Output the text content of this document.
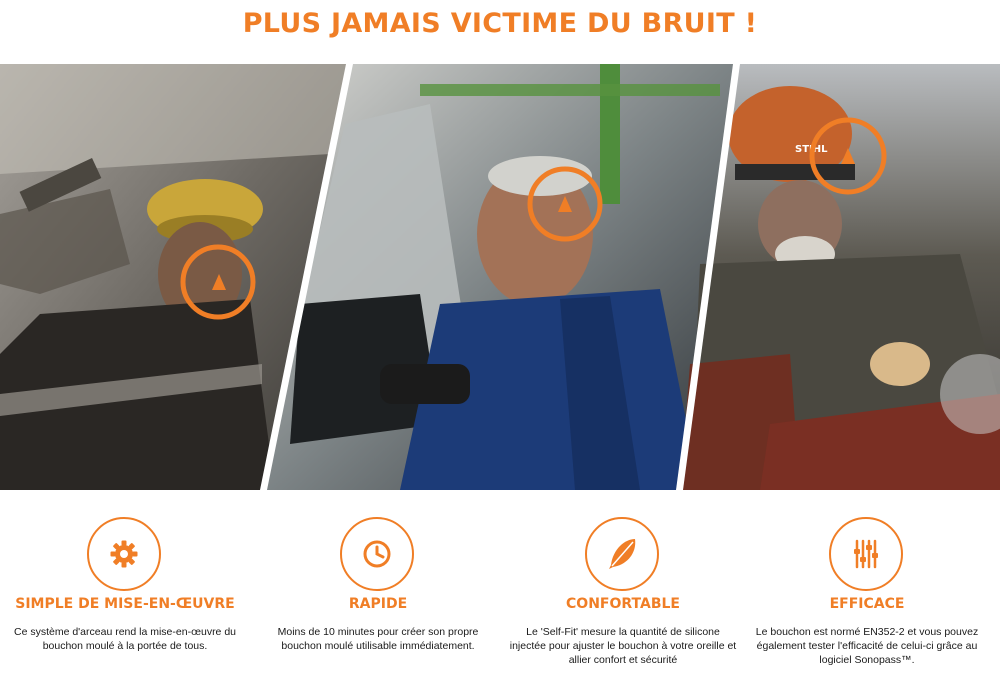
PLUS JAMAIS VICTIME DU BRUIT !
STIHL
SIMPLE DE MISE-EN-ŒUVRE
Ce système d'arceau rend la mise-en-œuvre du bouchon moulé à la portée de tous.
RAPIDE
Moins de 10 minutes pour créer son propre bouchon moulé utilisable immédiatement.
CONFORTABLE
Le 'Self-Fit' mesure la quantité de silicone injectée pour ajuster le bouchon à votre oreille et allier confort et sécurité
EFFICACE
Le bouchon est normé EN352-2 et vous pouvez également tester l'efficacité de celui-ci grâce au logiciel Sonopass™.
